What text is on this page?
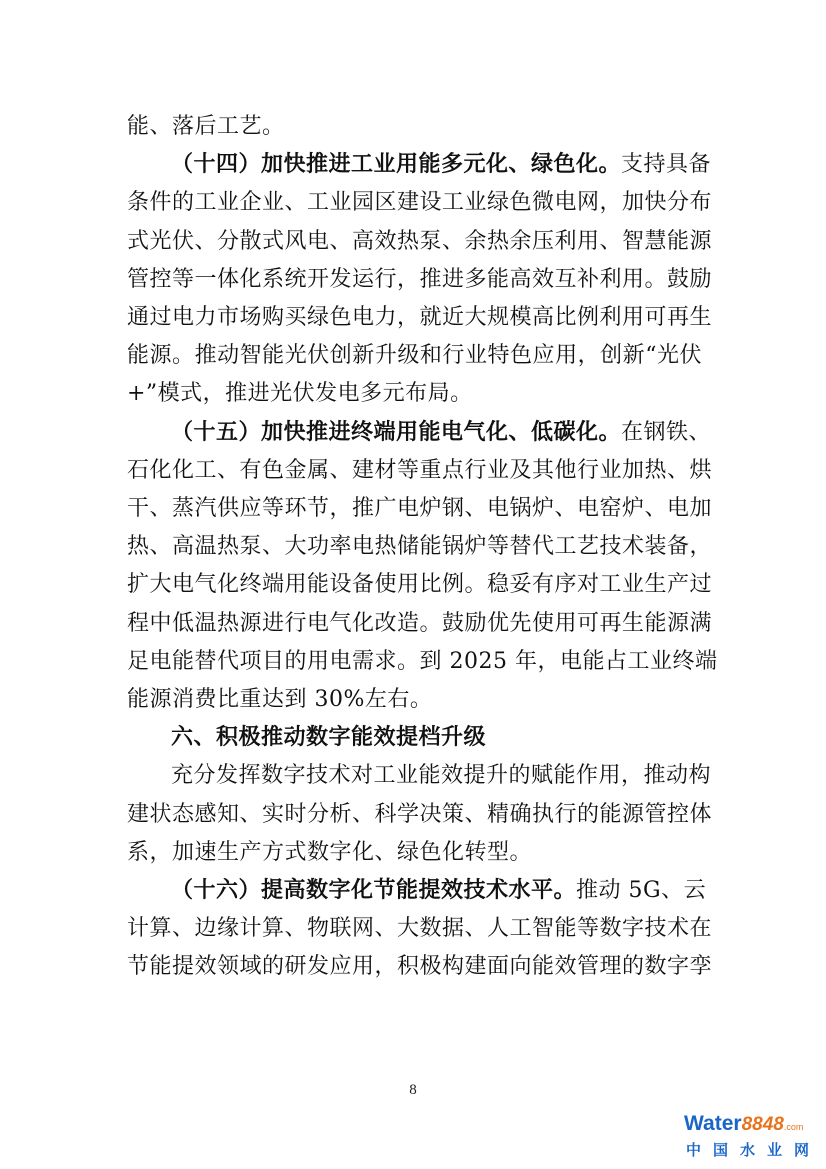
能、落后工艺。
（十四）加快推进工业用能多元化、绿色化。支持具备
条件的工业企业、工业园区建设工业绿色微电网，加快分布
式光伏、分散式风电、高效热泵、余热余压利用、智慧能源
管控等一体化系统开发运行，推进多能高效互补利用。鼓励
通过电力市场购买绿色电力，就近大规模高比例利用可再生
能源。推动智能光伏创新升级和行业特色应用，创新“光伏
+”模式，推进光伏发电多元布局。
（十五）加快推进终端用能电气化、低碳化。在钢铁、
石化化工、有色金属、建材等重点行业及其他行业加热、烘
干、蒸汽供应等环节，推广电炉钢、电锅炉、电窑炉、电加
热、高温热泵、大功率电热储能锅炉等替代工艺技术装备，
扩大电气化终端用能设备使用比例。稳妥有序对工业生产过
程中低温热源进行电气化改造。鼓励优先使用可再生能源满
足电能替代项目的用电需求。到 2025 年，电能占工业终端
能源消费比重达到 30%左右。
六、积极推动数字能效提档升级
充分发挥数字技术对工业能效提升的赋能作用，推动构
建状态感知、实时分析、科学决策、精确执行的能源管控体
系，加速生产方式数字化、绿色化转型。
（十六）提高数字化节能提效技术水平。推动 5G、云
计算、边缘计算、物联网、大数据、人工智能等数字技术在
8
Water8848.com
中国水业网
节能提效领域的研发应用，积极构建面向能效管理的数字孪
